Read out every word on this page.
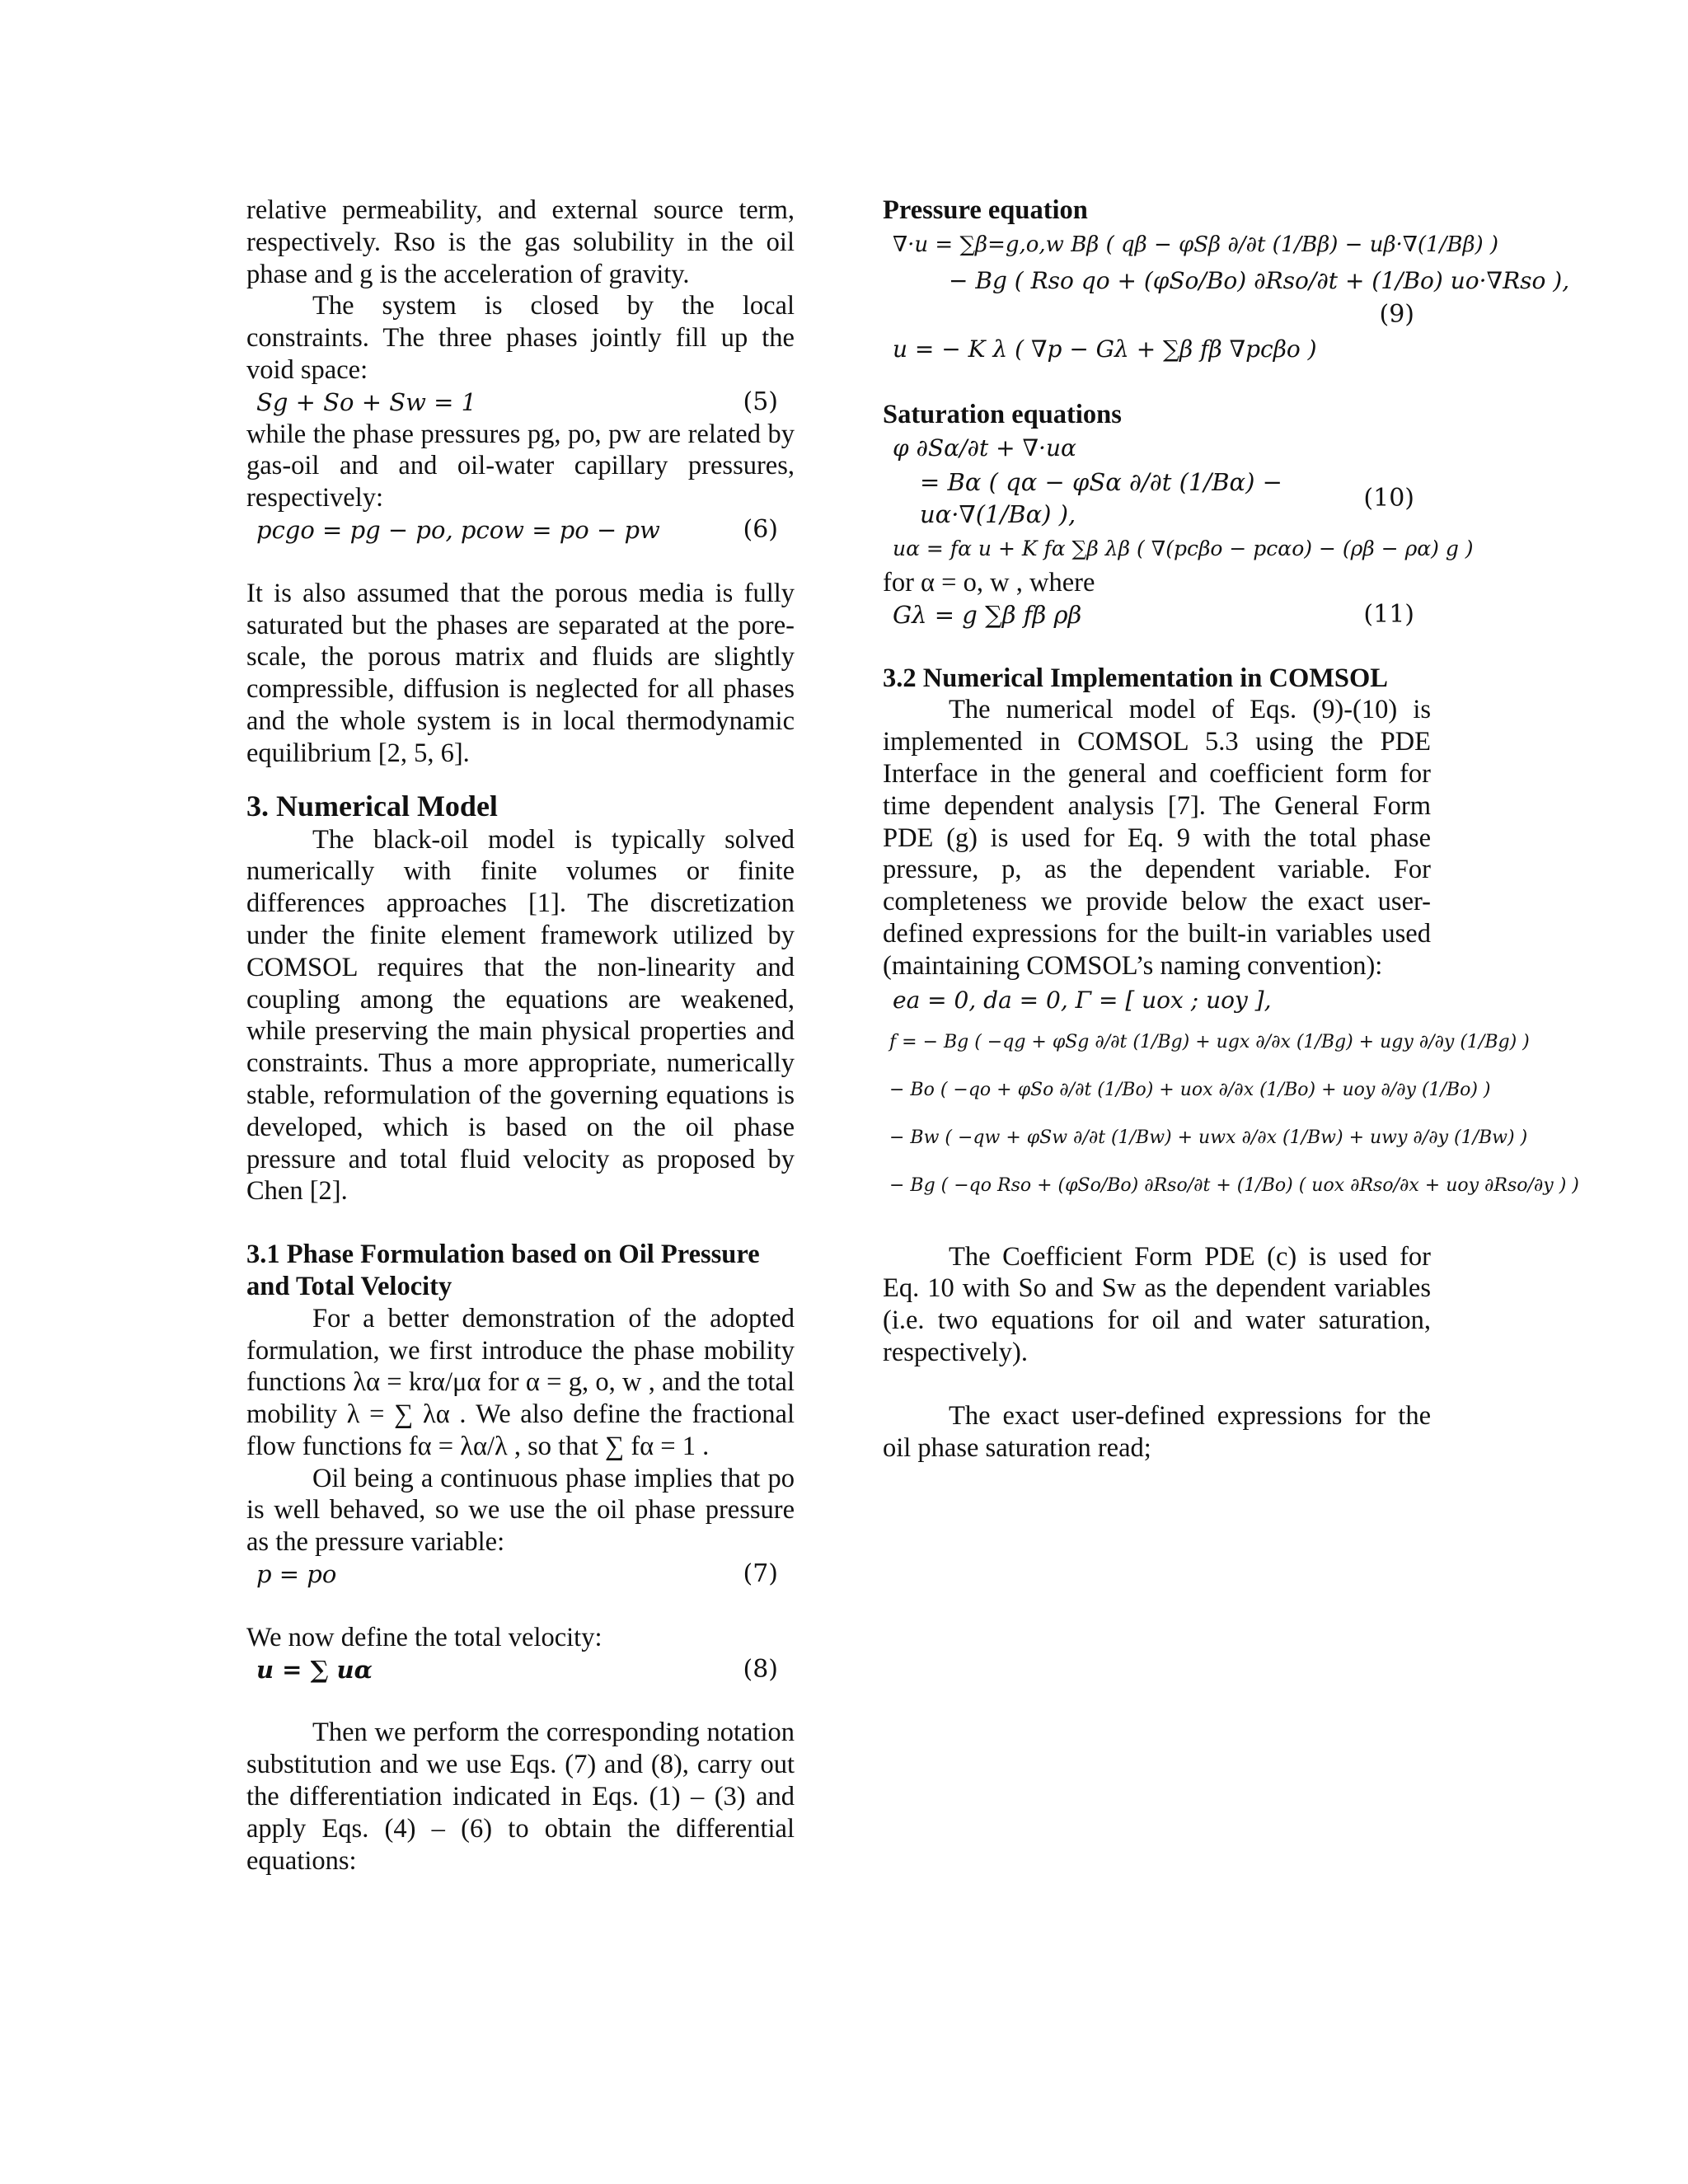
relative permeability, and external source term, respectively. Rso is the gas solubility in the oil phase and g is the acceleration of gravity.

The system is closed by the local constraints. The three phases jointly fill up the void space:

Sg + So + Sw = 1	(5)

while the phase pressures pg, po, pw are related by gas-oil and and oil-water capillary pressures, respectively:

pcgo = pg − po, pcow = po − pw	(6)

It is also assumed that the porous media is fully saturated but the phases are separated at the pore-scale, the porous matrix and fluids are slightly compressible, diffusion is neglected for all phases and the whole system is in local thermodynamic equilibrium [2, 5, 6].

3. Numerical Model

The black-oil model is typically solved numerically with finite volumes or finite differences approaches [1]. The discretization under the finite element framework utilized by COMSOL requires that the non-linearity and coupling among the equations are weakened, while preserving the main physical properties and constraints. Thus a more appropriate, numerically stable, reformulation of the governing equations is developed, which is based on the oil phase pressure and total fluid velocity as proposed by Chen [2].

3.1 Phase Formulation based on Oil Pressure and Total Velocity

For a better demonstration of the adopted formulation, we first introduce the phase mobility functions λα = krα/μα for α = g, o, w , and the total mobility λ = ∑ λα . We also define the fractional flow functions fα = λα/λ , so that ∑ fα = 1 .

Oil being a continuous phase implies that po is well behaved, so we use the oil phase pressure as the pressure variable:

p = po	(7)

We now define the total velocity:

u = ∑ uα	(8)

Then we perform the corresponding notation substitution and we use Eqs. (7) and (8), carry out the differentiation indicated in Eqs. (1) – (3) and apply Eqs. (4) – (6) to obtain the differential equations:

Pressure equation

∇·u = ∑β=g,o,w Bβ ( qβ − φSβ ∂/∂t (1/Bβ) − uβ·∇(1/Bβ) )
− Bg ( Rso qo + (φSo/Bo) ∂Rso/∂t + (1/Bo) uo·∇Rso ),
(9)
u = − K λ ( ∇p − Gλ + ∑β fβ ∇pcβo )

Saturation equations

φ ∂Sα/∂t + ∇·uα
= Bα ( qα − φSα ∂/∂t (1/Bα) − uα·∇(1/Bα) ),
(10)
uα = fα u + K fα ∑β λβ ( ∇(pcβo − pcαo) − (ρβ − ρα) g )

for α = o, w , where

Gλ = g ∑β fβ ρβ	(11)

3.2 Numerical Implementation in COMSOL

The numerical model of Eqs. (9)-(10) is implemented in COMSOL 5.3 using the PDE Interface in the general and coefficient form for time dependent analysis [7]. The General Form PDE (g) is used for Eq. 9 with the total phase pressure, p, as the dependent variable. For completeness we provide below the exact user-defined expressions for the built-in variables used (maintaining COMSOL’s naming convention):

ea = 0, da = 0, Γ = [ uox ; uoy ],
f = − Bg ( −qg + φSg ∂/∂t (1/Bg) + ugx ∂/∂x (1/Bg) + ugy ∂/∂y (1/Bg) )
− Bo ( −qo + φSo ∂/∂t (1/Bo) + uox ∂/∂x (1/Bo) + uoy ∂/∂y (1/Bo) )
− Bw ( −qw + φSw ∂/∂t (1/Bw) + uwx ∂/∂x (1/Bw) + uwy ∂/∂y (1/Bw) )
− Bg ( −qo Rso + (φSo/Bo) ∂Rso/∂t + (1/Bo) ( uox ∂Rso/∂x + uoy ∂Rso/∂y ) )

The Coefficient Form PDE (c) is used for Eq. 10 with So and Sw as the dependent variables (i.e. two equations for oil and water saturation, respectively).

The exact user-defined expressions for the oil phase saturation read;
